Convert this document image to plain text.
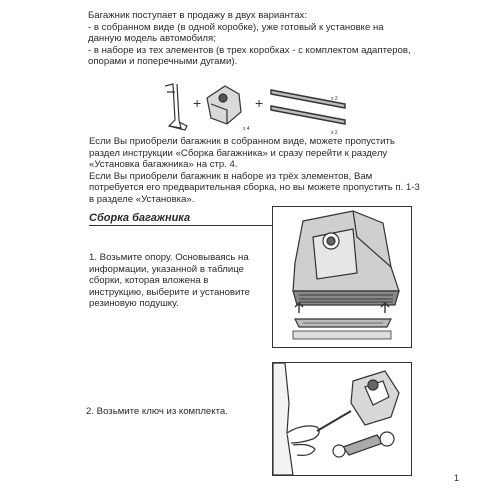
Багажник поступает в продажу в двух вариантах:

- в собранном виде (в одной коробке), уже готовый к установке на

данную модель автомобиля;

- в наборе из тех элементов (в трех коробках - с комплектом адаптеров,

опорами и поперечными дугами).

+
x 4
+	x 2
x 2

Если Вы приобрели багажник в собранном виде, можете пропустить

раздел инструкции «Сборка багажника» и сразу перейти к разделу

«Установка багажника» на стр. 4.

Если Вы приобрели багажник в наборе из трёх элементов, Вам

потребуется его предварительная сборка, но вы можете пропустить п. 1-3

в разделе «Установка».

Сборка багажника

1. Возьмите опору. Основываясь на

информации, указанной в таблице

сборки, которая вложена в

инструкцию, выберите и установите

резиновую подушку.

2. Возьмите ключ из комплекта.

1
